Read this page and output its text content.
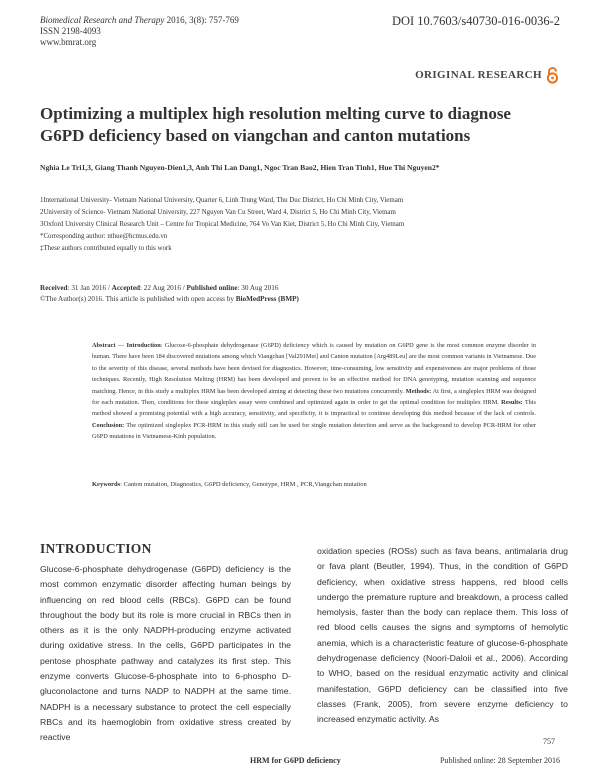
Biomedical Research and Therapy 2016, 3(8): 757-769
ISSN 2198-4093
www.bmrat.org
DOI 10.7603/s40730-016-0036-2
ORIGINAL RESEARCH
Optimizing a multiplex high resolution melting curve to diagnose
G6PD deficiency based on viangchan and canton mutations
Nghia Le Tri1,3, Giang Thanh Nguyen-Dien1,3, Anh Thi Lan Dang1, Ngoc Tran Bao2, Hien Tran Tinh1, Hue Thi Nguyen2*
1International University- Vietnam National University, Quarter 6, Linh Trung Ward, Thu Duc District, Ho Chi Minh City, Vietnam
2University of Science- Vietnam National University, 227 Nguyen Van Cu Street, Ward 4, District 5, Ho Chi Minh City, Vietnam
3Oxford University Clinical Research Unit – Centre for Tropical Medicine, 764 Vo Van Kiet, District 5, Ho Chi Minh City, Vietnam
*Corresponding author: nthue@hcmus.edu.vn
‡These authors contributed equally to this work
Received: 31 Jan 2016 / Accepted: 22 Aug 2016 / Published online: 30 Aug 2016
©The Author(s) 2016. This article is published with open access by BioMedPress (BMP)
Abstract — Introduction: Glucose-6-phosphate dehydrogenase (G6PD) deficiency which is caused by mutation on G6PD gene is the most common enzyme disorder in human. There have been 184 discovered mutations among which Viangchan [Val291Met] and Canton mutation [Arg489Leu] are the most common variants in Vietnamese. Due to the severity of this disease, several methods have been devised for diagnostics. However, time-consuming, low sensitivity and expensiveness are major problems of those techniques. Recently, High Resolution Melting (HRM) has been developed and proven to be an effective method for DNA genotyping, mutation scanning and sequence matching. Hence, in this study a multiplex HRM has been developed aiming at detecting these two mutations concurrently. Methods: At first, a singleplex HRM was designed for each mutation. Then, conditions for these singleplex assay were combined and optimized again in order to get the optimal condition for multiplex HRM. Results: This method showed a promising potential with a high accuracy, sensitivity, and specificity, it is impractical to continue developing this method because of the lack of controls. Conclusion: The optimized singleplex PCR-HRM in this study still can be used for single mutation detection and serve as the background to develop PCR-HRM for other G6PD mutations in Vietnamese-Kinh population.
Keywords: Canton mutation, Diagnostics, G6PD deficiency, Genotype, HRM , PCR,Viangchan mutation
INTRODUCTION
Glucose-6-phosphate dehydrogenase (G6PD) deficiency is the most common enzymatic disorder affecting human beings by influencing on red blood cells (RBCs). G6PD can be found throughout the body but its role is more crucial in RBCs then in others as it is the only NADPH-producing enzyme activated during oxidative stress. In the cells, G6PD participates in the pentose phosphate pathway and catalyzes its first step. This enzyme converts Glucose-6-phosphate into to 6-phospho D-gluconolactone and turns NADP to NADPH at the same time. NADPH is a necessary substance to protect the cell especially RBCs and its haemoglobin from oxidative stress created by reactive
oxidation species (ROSs) such as fava beans, antimalaria drug or fava plant (Beutler, 1994). Thus, in the condition of G6PD deficiency, when oxidative stress happens, red blood cells undergo the premature rupture and breakdown, a process called hemolysis, faster than the body can replace them. This loss of red blood cells causes the signs and symptoms of hemolytic anemia, which is a characteristic feature of glucose-6-phosphate dehydrogenase deficiency (Noori-Daloii et al., 2006). According to WHO, based on the residual enzymatic activity and clinical manifestation, G6PD deficiency can be classified into five classes (Frank, 2005), from severe enzyme deficiency to increased enzymatic activity. As
757
HRM for G6PD deficiency	Published online: 28 September 2016
